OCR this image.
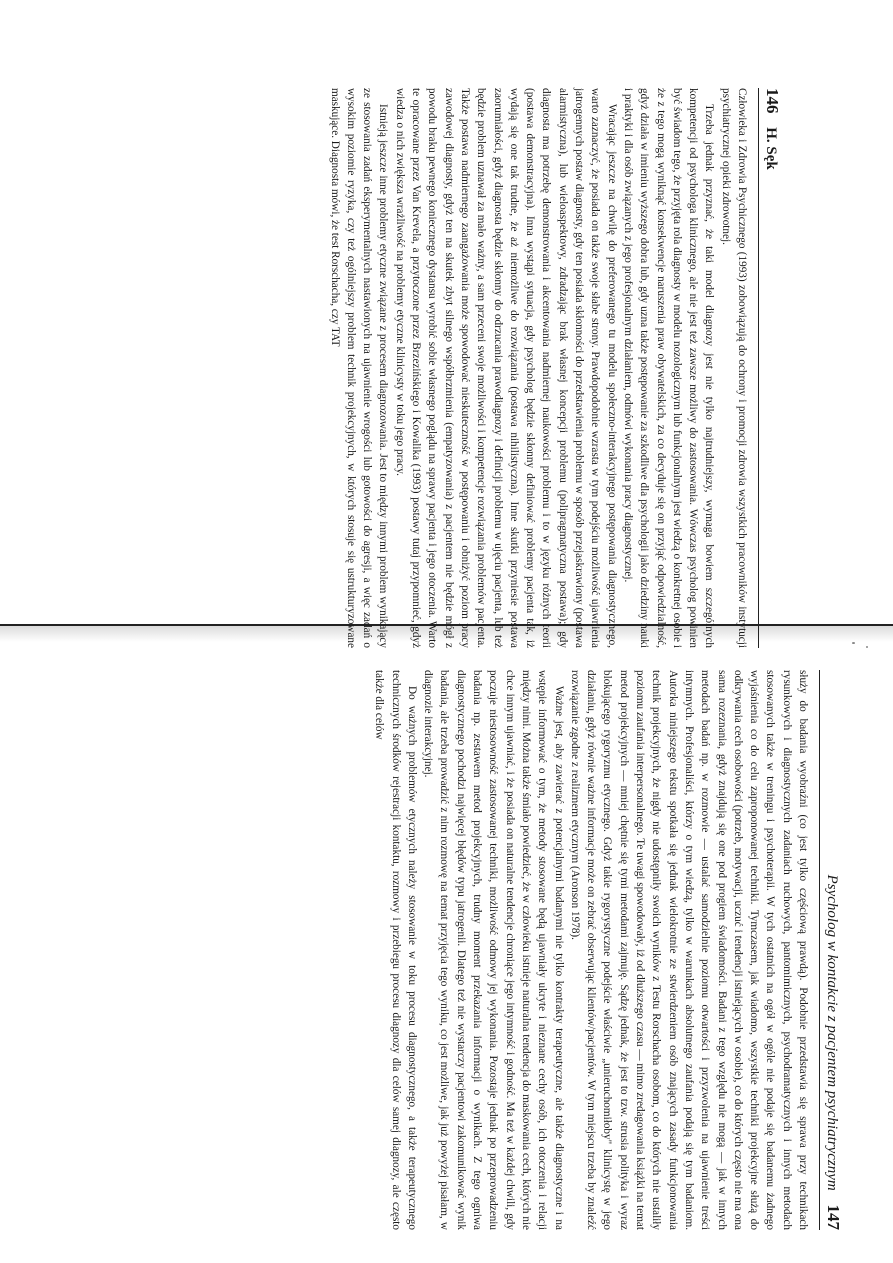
146 H. Sęk

Człowieka i Zdrowia Psychicznego (1993) zobowiązują do ochrony i promocji zdrowia wszystkich pracowników instytucji psychiatrycznej opieki zdrowotnej.

Trzeba jednak przyznać, że taki model diagnozy jest nie tylko najtrudniejszy, wymaga bowiem szczególnych kompetencji od psychologa klinicznego, ale nie jest też zawsze możliwy do zastosowania. Wówczas psycholog powinien być świadom tego, że przyjęta rola diagnosty w modelu nozologicznym lub funkcjonalnym jest wiedzą o konkretnej osobie i że z tego mogą wyniknąć konsekwencje naruszenia praw obywatelskich, za co decyduje się on przyjąć odpowiedzialność, gdyż działa w imieniu wyższego dobra lub, gdy uzna także postępowanie za szkodliwe dla psychologii jako dziedziny nauki i praktyki i dla osób związanych z jego profesjonalnym działaniem, odmówi wykonania pracy diagnostycznej.

Wracając jeszcze na chwilę do preferowanego tu modelu społeczno-interakcyjnego postępowania diagnostycznego, warto zaznaczyć, że posiada on także swoje słabe strony. Prawdopodobnie wzrasta w tym podejściu możliwość ujawnienia jatrogennych postaw diagnosty, gdy ten posiada skłonności do przedstawienia problemu w sposób przejaskrawiony (postawa alarmistyczna), lub wieloaspektowy, zdradzając brak własnej koncepcji problemu (polipragmatyczna postawa); gdy diagnosta ma potrzebę demonstrowania i akcentowania nadmiernej naukowości problemu i to w języku różnych teorii (postawa demonstracyjna). Inna wystąpi sytuacja, gdy psycholog będzie skłonny definiować problemy pacjenta tak, iż wydają się one tak trudne, że aż niemożliwe do rozwiązania (postawa nihilistyczna). Inne skutki przyniesie postawa zaorumiałości, gdyż diagnosta będzie skłonny do odrzucania prawodiagnozy i definicji problemu w ujęciu pacjenta, lub też będzie problem uznawał za mało ważny, a sam przeceni swoje możliwości i kompetencje rozwiązania problemów pacjenta. Także postawa nadmiernego zaangażowania może spowodować nieskuteczność w postępowaniu i obniżyć poziom pracy zawodowej diagnosty, gdyż ten na skutek zbyt silnego współbrzmienia (empatyzowania) z pacjentem nie będzie mógł z powodu braku pewnego koniecznego dystansu wyrobić sobie własnego poglądu na sprawy pacjenta i jego otoczenia. Warto te opracowane przez Van Krevela, a przytoczone przez Brzezińskiego i Kowalika (1993) postawy tutaj przypomnieć, gdyż wiedza o nich zwiększa wrażliwość na problemy etyczne klinicysty w toku jego pracy.

Istnieją jeszcze inne problemy etyczne związane z procesem diagnozowania. Jest to między innymi problem wynikający ze stosowania zadań eksperymentalnych nastawionych na ujawnienie wrogości lub gotowości do agresji, a więc zadań o wysokim poziomie ryzyka, czy też ogólniejszy problem technik projekcyjnych, w których stosuje się ustrukturyzowane maskujące. Diagnosta mówi, że test Rorschacha, czy TAT

Psycholog w kontakcie z pacjentem psychiatrycznym 147

służy do badania wyobraźni (co jest tylko częściową prawdą). Podobnie przedstawia się sprawa przy technikach rysunkowych i diagnostycznych zadaniach ruchowych, pantomimicznych, psychodramatycznych i innych metodach stosowanych także w treningu i psychoterapii. W tych ostatnich na ogół w ogóle nie podaje się badanemu żadnego wyjaśnienia co do celu zaproponowanej techniki. Tymczasem, jak wiadomo, wszystkie techniki projekcyjne służą do odkrywania cech osobowości (potrzeb, motywacji, uczuć i tendencji istniejących w osobie), co do których często nie ma ona sama rozeznania, gdyż znajdują się one pod progiem świadomości. Badani z tego względu nie mogą — jak w innych metodach badań np. w rozmowie — ustalać samodzielnie poziomu otwartości i przyzwolenia na ujawnienie treści intymnych. Profesjonaliści, którzy o tym wiedzą, tylko w warunkach absolutnego zaufania podają się tym badaniom. Autorka niniejszego tekstu spotkała się jednak wielokrotnie ze stwierdzeniem osób znających zasady funkcjonowania technik projekcyjnych, że nigdy nie udostępniły swoich wyników z Testu Rorschacha osobom, co do których nie ustaliły poziomu zaufania interpersonalnego. Te uwagi spowodowały, iż od dłuższego czasu — mimo zredagowania książki na temat metod projekcyjnych — mniej chętnie się tymi metodami zajmuję. Sądzę jednak, że jest to tzw. strusia polityka i wyraz blokującego rygoryzmu etycznego. Gdyż takie rygorystyczne podejście właściwie „unieruchomiłoby" klinicystę w jego działaniu, gdyż równie ważne informacje może on zebrać obserwując klientów/pacjentów. W tym miejscu trzeba by znaleźć rozwiązanie zgodne z realizmem etycznym (Aronson 1978).

Ważne jest, aby zawierać z potencjalnymi badanymi nie tylko kontrakty terapeutyczne, ale także diagnostyczne i na wstępie informować o tym, że metody stosowane będą ujawniały ukryte i nieznane cechy osób, ich otoczenia i relacji między nimi. Można także śmiało powiedzieć, że w człowieku istnieje naturalna tendencja do maskowania cech, których nie chce innym ujawniać, i że posiada on naturalne tendencje chroniące jego intymność i godność. Ma też w każdej chwili, gdy poczuje niestosowność zastosowanej techniki, możliwość odmowy jej wykonania. Pozostaje jednak po przeprowadzeniu badania np. zestawem metod projekcyjnych, trudny moment przekazania informacji o wynikach. Z tego ogniwa diagnostycznego pochodzi najwięcej błędów typu jatrogenii. Dlatego też nie wystarczy pacjentowi zakomunikować wynik badania, ale trzeba prowadzić z nim rozmowę na temat przyjęcia tego wyniku, co jest możliwe, jak już powyżej pisałam, w diagnozie interakcyjnej.

Do ważnych problemów etycznych należy stosowanie w toku procesu diagnostycznego, a także terapeutycznego technicznych środków rejestracji kontaktu, rozmowy i przebiegu procesu diagnozy dla celów samej diagnozy, ale często także dla celów
